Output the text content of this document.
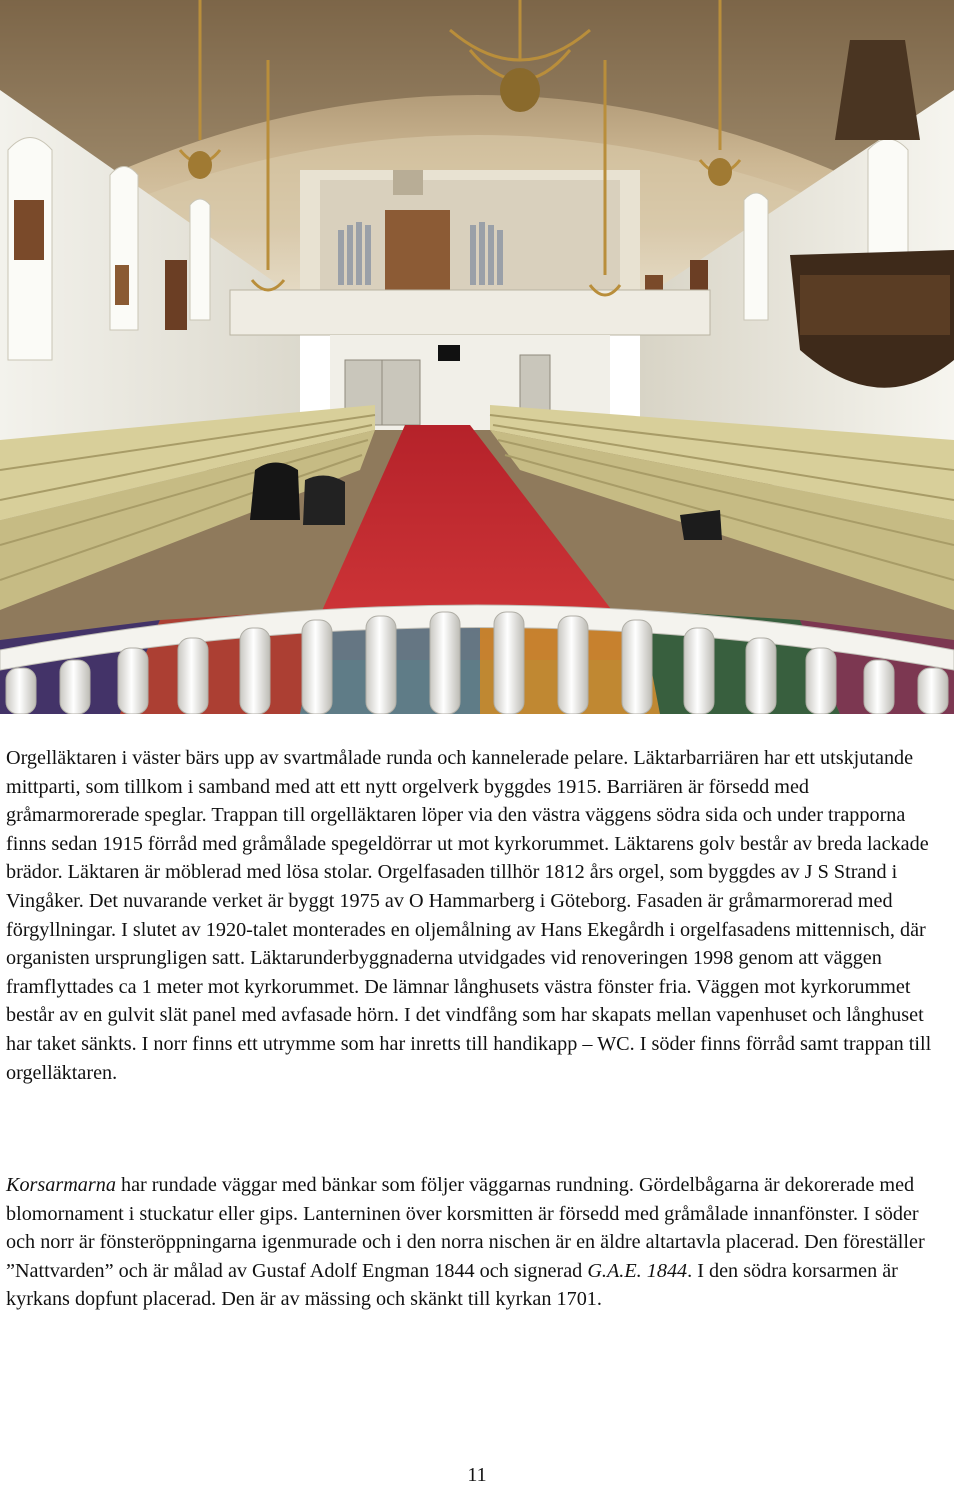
Orgelläktaren i väster bärs upp av svartmålade runda och kannelerade pelare. Läktarbarriären har ett utskjutande mittparti, som tillkom i samband med att ett nytt orgelverk byggdes 1915. Barriären är försedd med gråmarmorerade speglar. Trappan till orgelläktaren löper via den västra väggens södra sida och under trapporna finns sedan 1915 förråd med gråmålade spegeldörrar ut mot kyrkorummet. Läktarens golv består av breda lackade brädor. Läktaren är möblerad med lösa stolar. Orgelfasaden tillhör 1812 års orgel, som byggdes av J S Strand i Vingåker. Det nuvarande verket är byggt 1975 av O Hammarberg i Göteborg. Fasaden är gråmarmorerad med förgyllningar. I slutet av 1920-talet monterades en oljemålning av Hans Ekegårdh i orgelfasadens mittennisch, där organisten ursprungligen satt. Läktarunderbyggnaderna utvidgades vid renoveringen 1998 genom att väggen framflyttades ca 1 meter mot kyrkorummet. De lämnar långhusets västra fönster fria. Väggen mot kyrkorummet består av en gulvit slät panel med avfasade hörn. I det vindfång som har skapats mellan vapenhuset och långhuset har taket sänkts. I norr finns ett utrymme som har inretts till handikapp – WC. I söder finns förråd samt trappan till orgelläktaren.

Korsarmarna har rundade väggar med bänkar som följer väggarnas rundning. Gördelbågarna är dekorerade med blomornament i stuckatur eller gips. Lanterninen över korsmitten är försedd med gråmålade innanfönster. I söder och norr är fönsteröppningarna igenmurade och i den norra nischen är en äldre altartavla placerad. Den föreställer ”Nattvarden” och är målad av Gustaf Adolf Engman 1844 och signerad G.A.E. 1844. I den södra korsarmen är kyrkans dopfunt placerad. Den är av mässing och skänkt till kyrkan 1701.

11
